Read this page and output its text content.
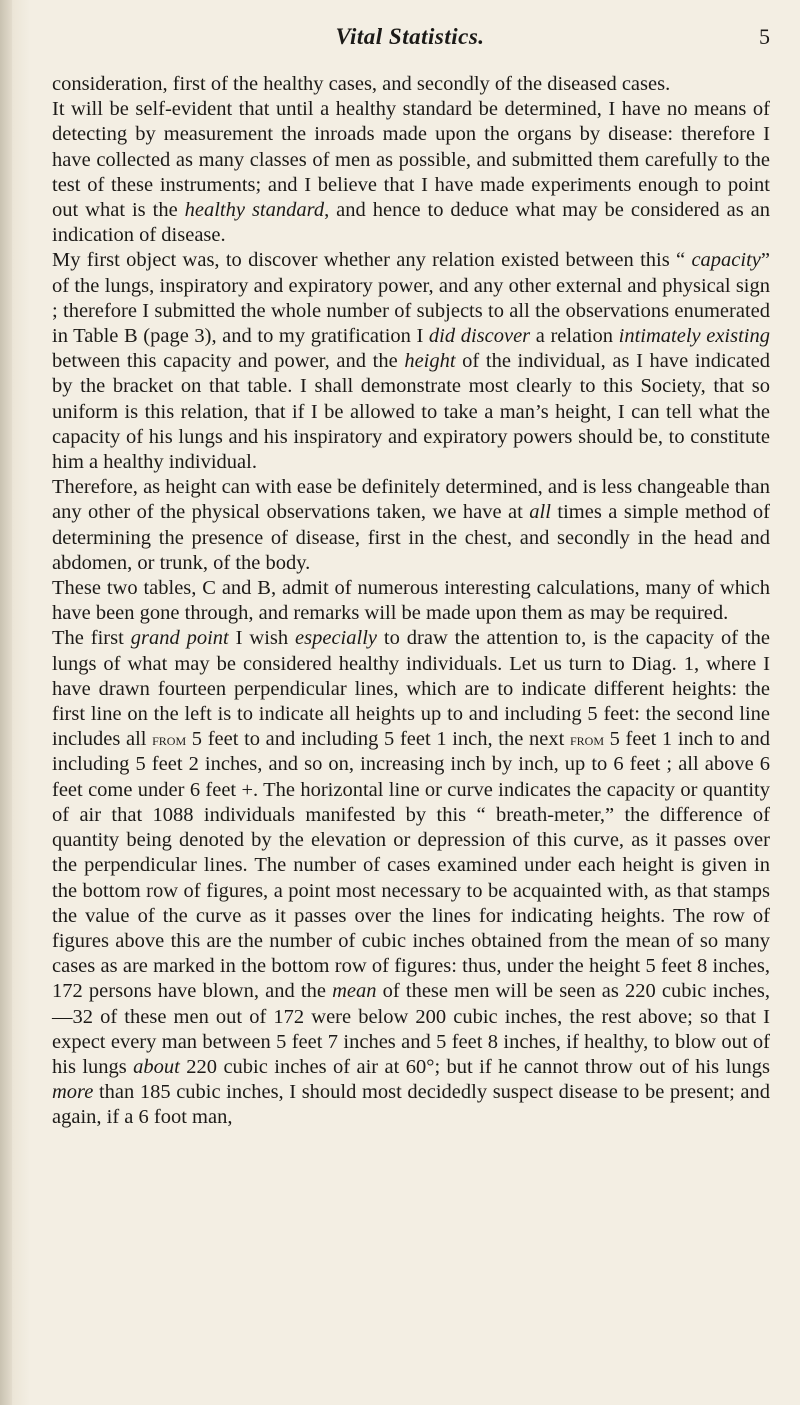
Vital Statistics.	5

consideration, first of the healthy cases, and secondly of the diseased cases.

It will be self-evident that until a healthy standard be determined, I have no means of detecting by measurement the inroads made upon the organs by disease: therefore I have collected as many classes of men as possible, and submitted them carefully to the test of these instruments; and I believe that I have made experiments enough to point out what is the healthy standard, and hence to deduce what may be considered as an indication of disease.

My first object was, to discover whether any relation existed between this “ capacity” of the lungs, inspiratory and expiratory power, and any other external and physical sign ; therefore I submitted the whole number of subjects to all the observations enumerated in Table B (page 3), and to my gratification I did discover a relation intimately existing between this capacity and power, and the height of the individual, as I have indicated by the bracket on that table. I shall demonstrate most clearly to this Society, that so uniform is this relation, that if I be allowed to take a man’s height, I can tell what the capacity of his lungs and his inspiratory and expiratory powers should be, to constitute him a healthy individual.

Therefore, as height can with ease be definitely determined, and is less changeable than any other of the physical observations taken, we have at all times a simple method of determining the presence of disease, first in the chest, and secondly in the head and abdomen, or trunk, of the body.

These two tables, C and B, admit of numerous interesting calculations, many of which have been gone through, and remarks will be made upon them as may be required.

The first grand point I wish especially to draw the attention to, is the capacity of the lungs of what may be considered healthy individuals. Let us turn to Diag. 1, where I have drawn fourteen perpendicular lines, which are to indicate different heights: the first line on the left is to indicate all heights up to and including 5 feet: the second line includes all from 5 feet to and including 5 feet 1 inch, the next from 5 feet 1 inch to and including 5 feet 2 inches, and so on, increasing inch by inch, up to 6 feet ; all above 6 feet come under 6 feet +. The horizontal line or curve indicates the capacity or quantity of air that 1088 individuals manifested by this “ breath-meter,” the difference of quantity being denoted by the elevation or depression of this curve, as it passes over the perpendicular lines. The number of cases examined under each height is given in the bottom row of figures, a point most necessary to be acquainted with, as that stamps the value of the curve as it passes over the lines for indicating heights. The row of figures above this are the number of cubic inches obtained from the mean of so many cases as are marked in the bottom row of figures: thus, under the height 5 feet 8 inches, 172 persons have blown, and the mean of these men will be seen as 220 cubic inches,—32 of these men out of 172 were below 200 cubic inches, the rest above; so that I expect every man between 5 feet 7 inches and 5 feet 8 inches, if healthy, to blow out of his lungs about 220 cubic inches of air at 60°; but if he cannot throw out of his lungs more than 185 cubic inches, I should most decidedly suspect disease to be present; and again, if a 6 foot man,
